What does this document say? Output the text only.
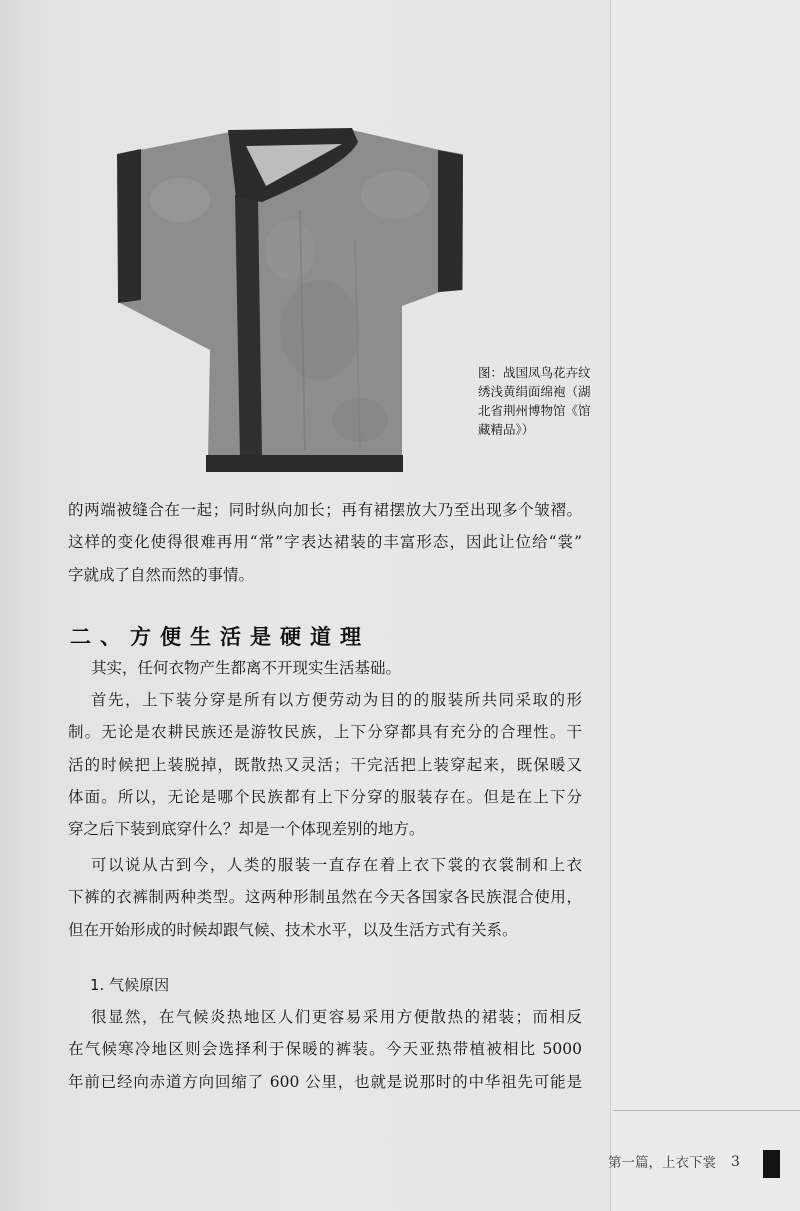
图：战国凤鸟花卉纹
绣浅黄绢面绵袍（湖
北省荆州博物馆《馆
藏精品》）
的两端被缝合在一起；同时纵向加长；再有裙摆放大乃至出现多个皱褶。
这样的变化使得很难再用“常”字表达裙装的丰富形态，因此让位给“裳”
字就成了自然而然的事情。
二、方便生活是硬道理
其实，任何衣物产生都离不开现实生活基础。
首先，上下装分穿是所有以方便劳动为目的的服装所共同采取的形
制。无论是农耕民族还是游牧民族，上下分穿都具有充分的合理性。干
活的时候把上装脱掉，既散热又灵活；干完活把上装穿起来，既保暖又
体面。所以，无论是哪个民族都有上下分穿的服装存在。但是在上下分
穿之后下装到底穿什么？却是一个体现差别的地方。
可以说从古到今，人类的服装一直存在着上衣下裳的衣裳制和上衣
下裤的衣裤制两种类型。这两种形制虽然在今天各国家各民族混合使用，
但在开始形成的时候却跟气候、技术水平，以及生活方式有关系。
1. 气候原因
很显然，在气候炎热地区人们更容易采用方便散热的裙装；而相反
在气候寒冷地区则会选择利于保暖的裤装。今天亚热带植被相比 5000
年前已经向赤道方向回缩了 600 公里，也就是说那时的中华祖先可能是
第一篇，上衣下裳 3
